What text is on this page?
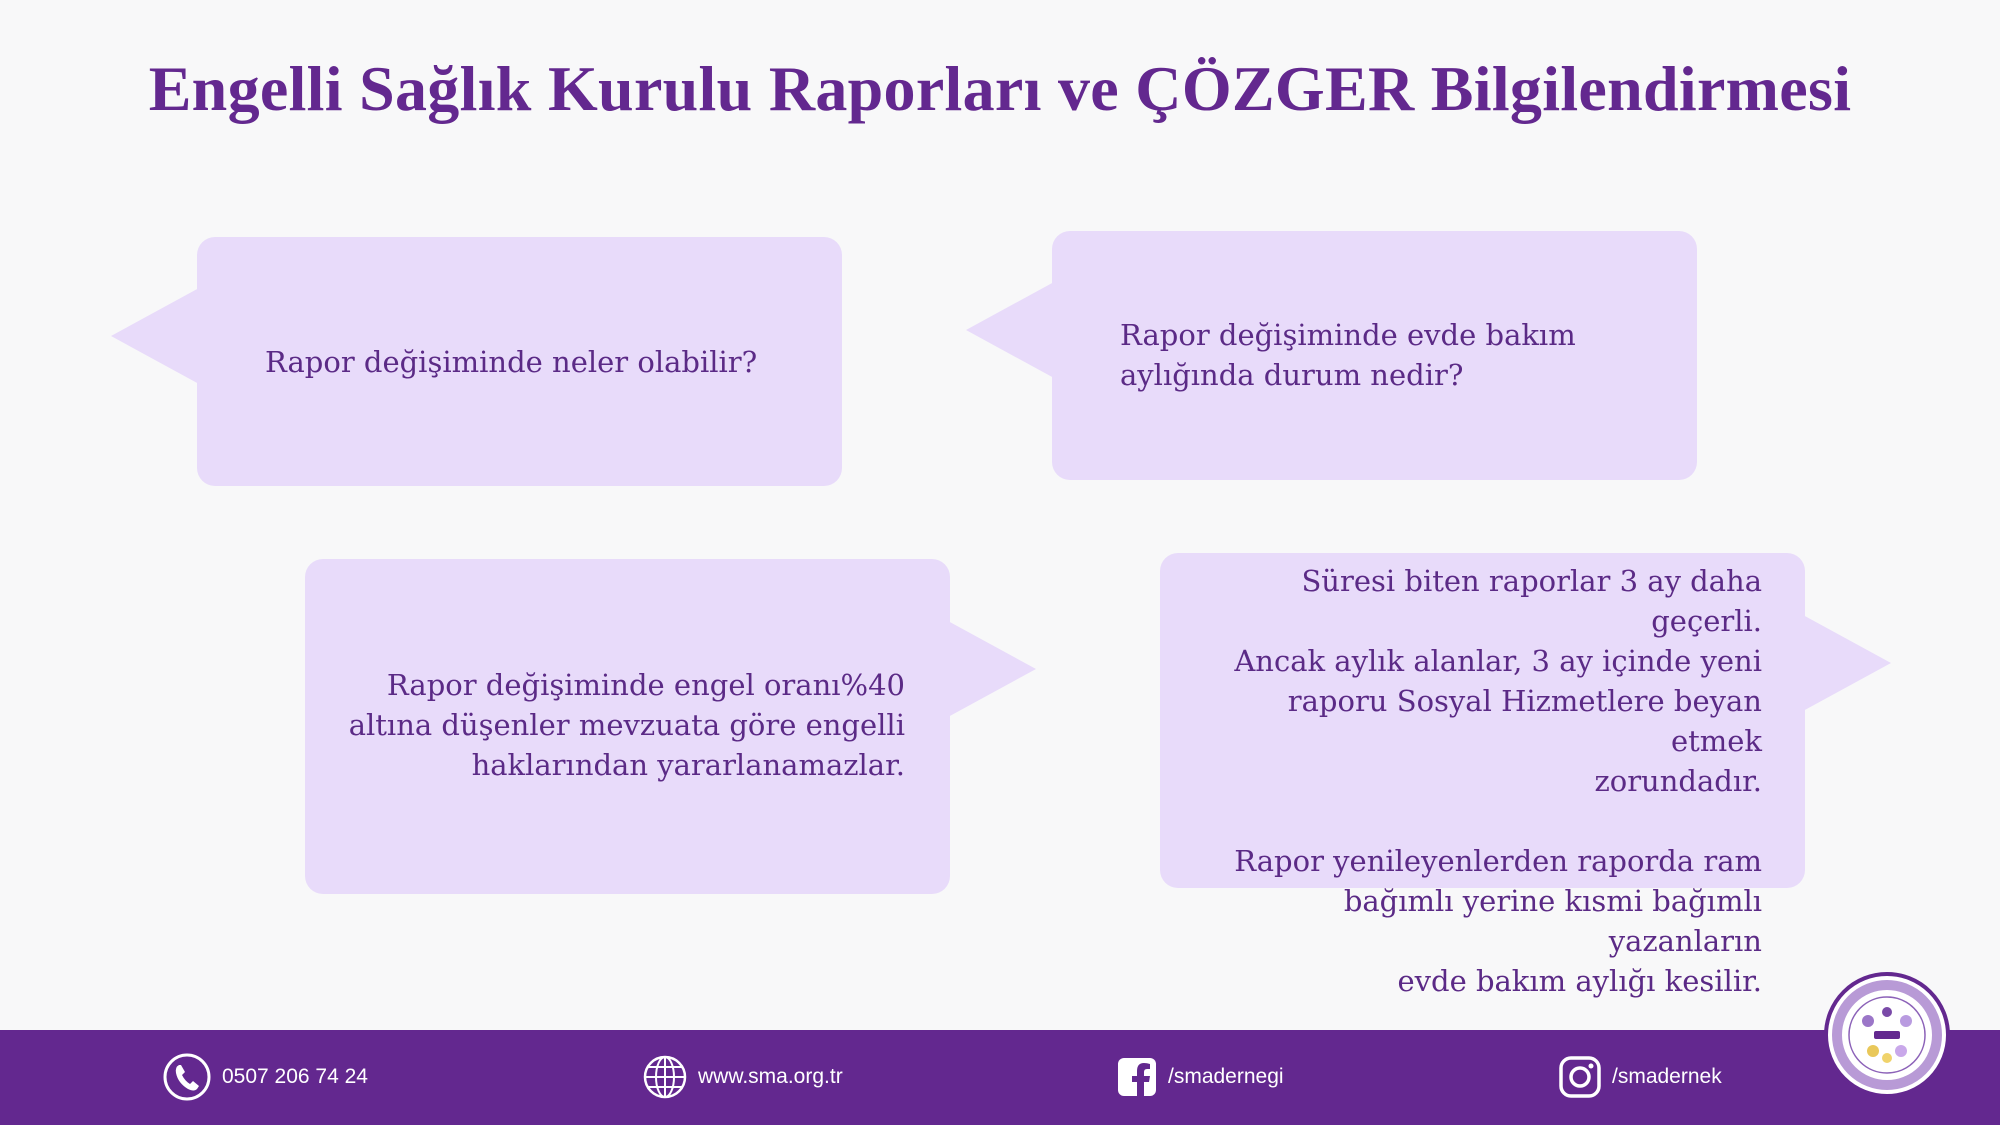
Engelli Sağlık Kurulu Raporları ve ÇÖZGER Bilgilendirmesi
Rapor değişiminde neler olabilir?
Rapor değişiminde evde bakım
aylığında durum nedir?
Rapor değişiminde engel oranı%40
altına düşenler mevzuata göre engelli
haklarından yararlanamazlar.
Süresi biten raporlar 3 ay daha geçerli.
Ancak aylık alanlar, 3 ay içinde yeni
raporu Sosyal Hizmetlere beyan etmek
zorundadır.
Rapor yenileyenlerden raporda ram
bağımlı yerine kısmi bağımlı yazanların
evde bakım aylığı kesilir.
0507 206 74 24	www.sma.org.tr	/smadernegi	/smadernek
